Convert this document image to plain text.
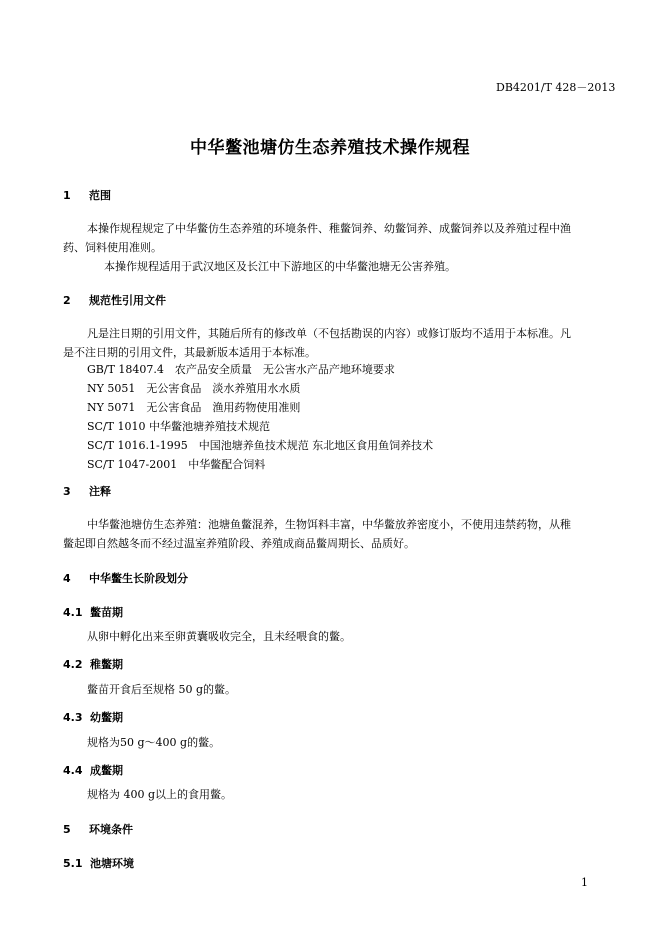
DB4201/T 428－2013
中华鳖池塘仿生态养殖技术操作规程
1 范围
本操作规程规定了中华鳖仿生态养殖的环境条件、稚鳖饲养、幼鳖饲养、成鳖饲养以及养殖过程中渔
药、饲料使用准则。
本操作规程适用于武汉地区及长江中下游地区的中华鳖池塘无公害养殖。
2 规范性引用文件
凡是注日期的引用文件，其随后所有的修改单（不包括勘误的内容）或修订版均不适用于本标准。凡
是不注日期的引用文件，其最新版本适用于本标准。
GB/T 18407.4　农产品安全质量　无公害水产品产地环境要求
NY 5051　无公害食品　淡水养殖用水水质
NY 5071　无公害食品　渔用药物使用准则
SC/T 1010 中华鳖池塘养殖技术规范
SC/T 1016.1-1995　中国池塘养鱼技术规范 东北地区食用鱼饲养技术
SC/T 1047-2001　中华鳖配合饲料
3 注释
中华鳖池塘仿生态养殖：池塘鱼鳖混养，生物饵料丰富，中华鳖放养密度小，不使用违禁药物，从稚
鳖起即自然越冬而不经过温室养殖阶段、养殖成商品鳖周期长、品质好。
4 中华鳖生长阶段划分
4.1 鳖苗期
从卵中孵化出来至卵黄囊吸收完全，且未经喂食的鳖。
4.2 稚鳖期
鳖苗开食后至规格 50 g的鳖。
4.3 幼鳖期
规格为50 g～400 g的鳖。
4.4 成鳖期
规格为 400 g以上的食用鳖。
5 环境条件
5.1 池塘环境
1
